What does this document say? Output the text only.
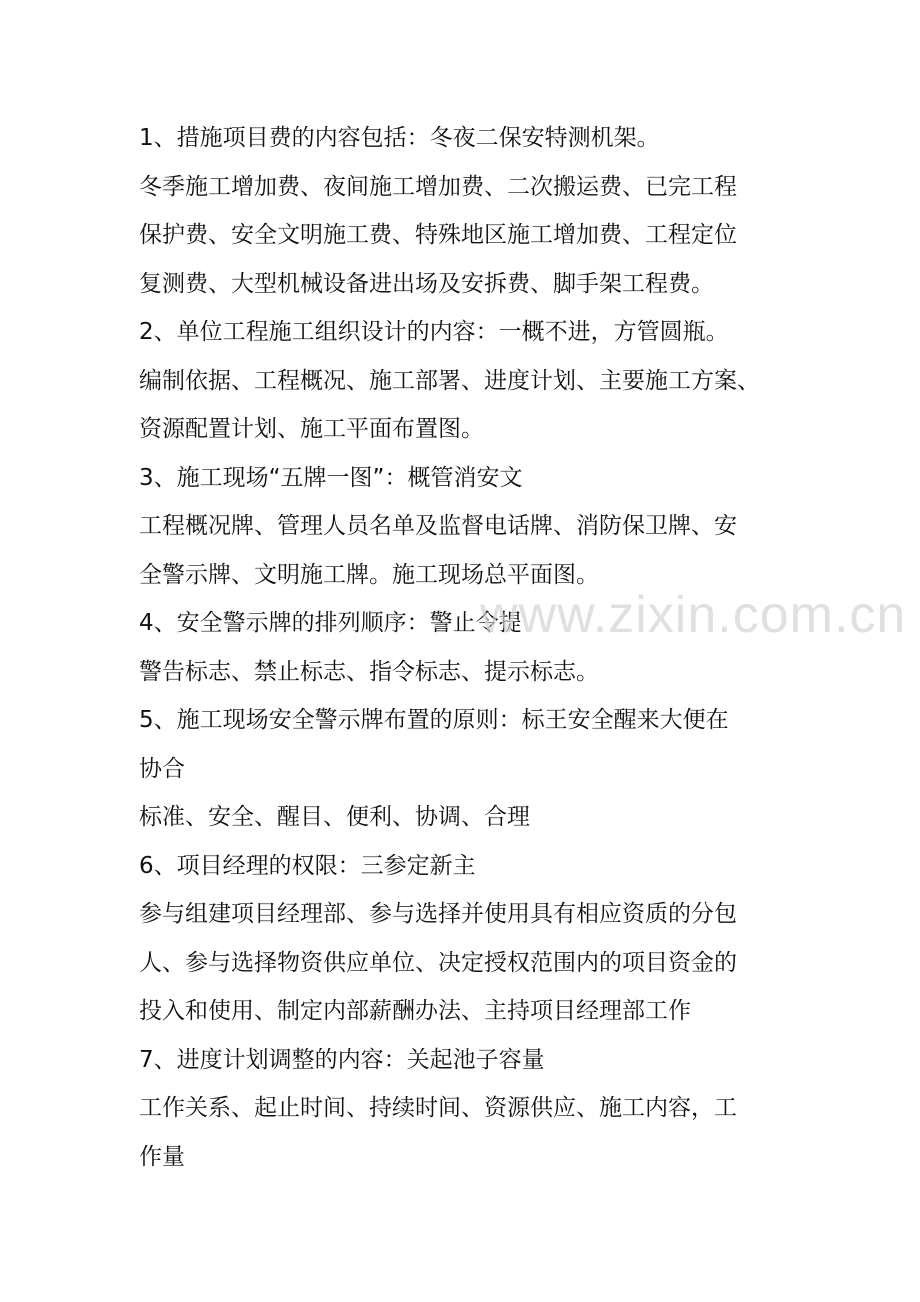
1、措施项目费的内容包括：冬夜二保安特测机架。
冬季施工增加费、夜间施工增加费、二次搬运费、已完工程
保护费、安全文明施工费、特殊地区施工增加费、工程定位
复测费、大型机械设备进出场及安拆费、脚手架工程费。
2、单位工程施工组织设计的内容：一概不进，方管圆瓶。
编制依据、工程概况、施工部署、进度计划、主要施工方案、
资源配置计划、施工平面布置图。
3、施工现场“五牌一图”：概管消安文
工程概况牌、管理人员名单及监督电话牌、消防保卫牌、安
全警示牌、文明施工牌。施工现场总平面图。
4、安全警示牌的排列顺序：警止令提
警告标志、禁止标志、指令标志、提示标志。
5、施工现场安全警示牌布置的原则：标王安全醒来大便在
协合
标准、安全、醒目、便利、协调、合理
6、项目经理的权限：三参定新主
参与组建项目经理部、参与选择并使用具有相应资质的分包
人、参与选择物资供应单位、决定授权范围内的项目资金的
投入和使用、制定内部薪酬办法、主持项目经理部工作
7、进度计划调整的内容：关起池子容量
工作关系、起止时间、持续时间、资源供应、施工内容，工
作量
www.zixin.com.cn
